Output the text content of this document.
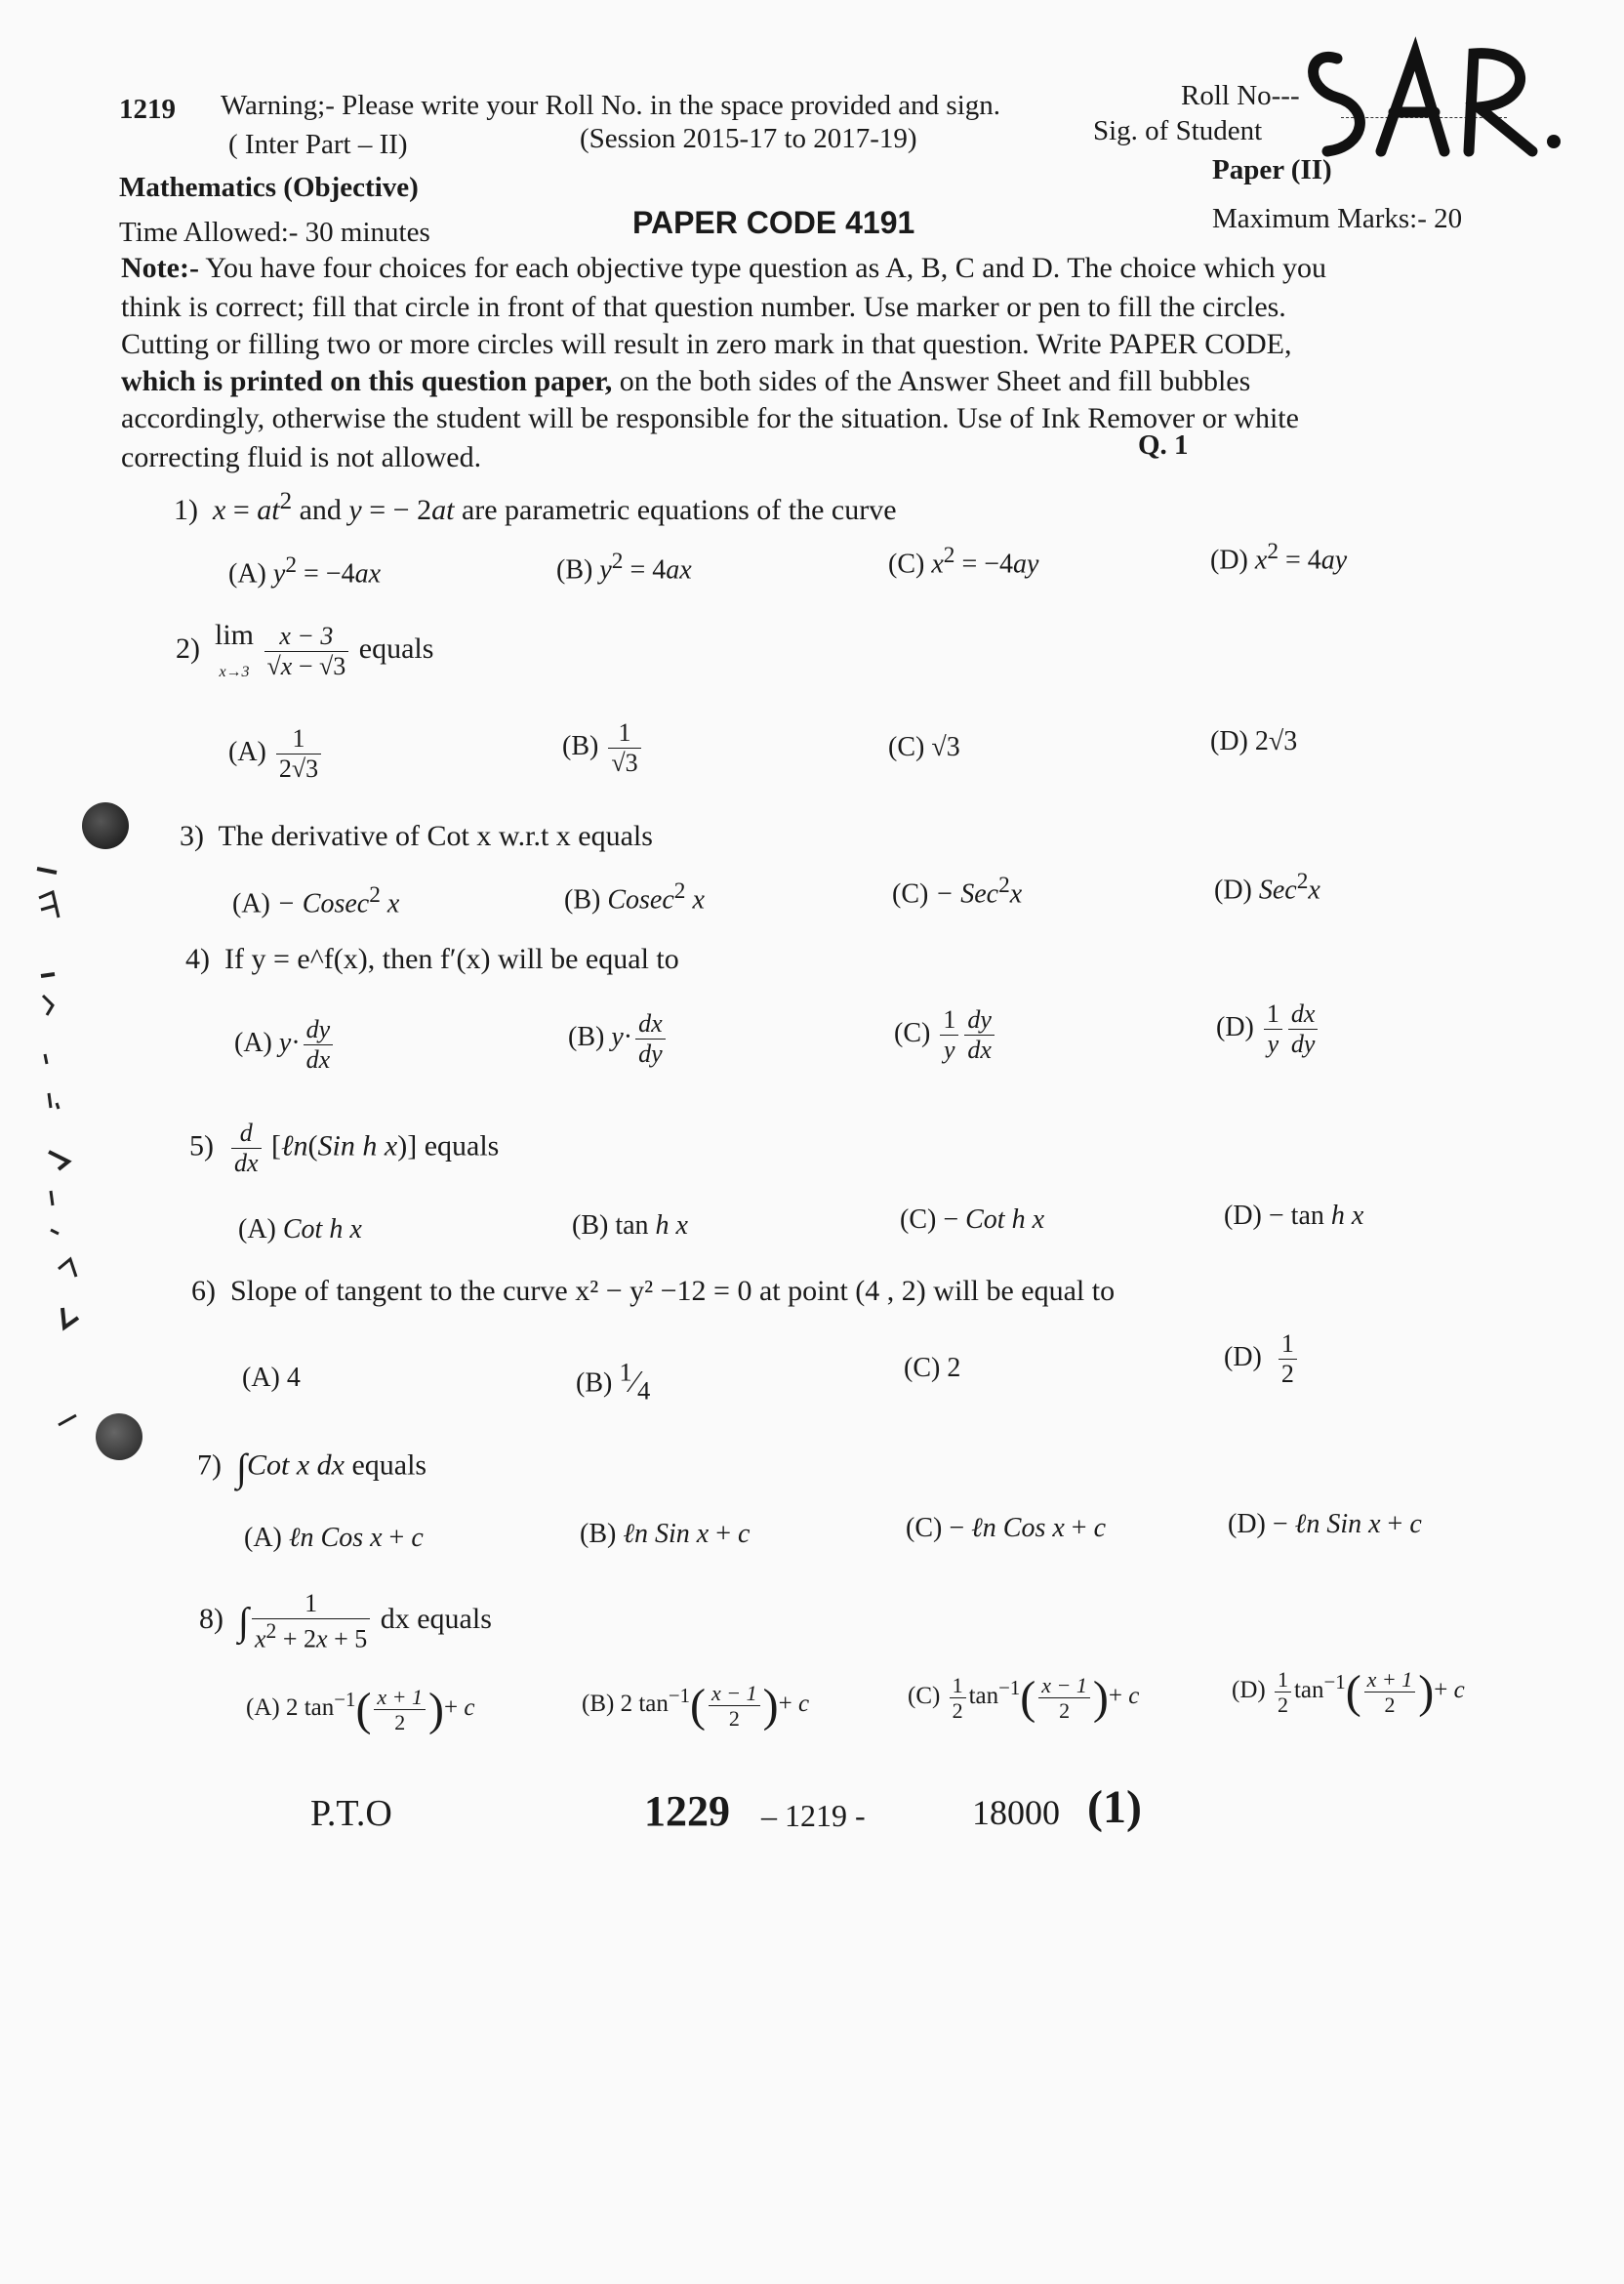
1219 Warning;- Please write your Roll No. in the space provided and sign.	Roll No---
( Inter Part – II)	(Session 2015-17 to 2017-19)	Sig. of Student
Mathematics (Objective)
Paper (II)
Time Allowed:- 30 minutes	PAPER CODE 4191	Maximum Marks:- 20
Note:- You have four choices for each objective type question as A, B, C and D. The choice which you
think is correct; fill that circle in front of that question number. Use marker or pen to fill the circles.
Cutting or filling two or more circles will result in zero mark in that question. Write PAPER CODE,
which is printed on this question paper, on the both sides of the Answer Sheet and fill bubbles
accordingly, otherwise the student will be responsible for the situation. Use of Ink Remover or white
correcting fluid is not allowed.	Q. 1
1) $x = at^2$ and y = − 2at are parametric equations of the curve
(A) $y^2 = -4ax$	(B) $y^2 = 4ax$	(C) $x^2 = -4ay$	(D) $x^2 = 4ay$
2) lim
$x\to 3 \frac{x - 3}{√x - √3}$ equals
$(A) \frac{1}{2√3}$	$(B) \frac{1}{√3}$	(C) √3	(D) 2√3
3) The derivative of Cot x w.r.t x equals
(A) − Cosec$^2$ x	(B) Cosec$^2$ x	(C) − Sec$^2$x	(D) Sec$^2$x
4) If y = e^f(x), then f′(x) will be equal to
(A) $y\cdot \frac{dy}{dx}$	(B) $y\cdot \frac{dx}{dy}$	$(C) \frac{1}{y} \frac{dy}{dx}$	$(D) \frac{1}{y} \frac{dx}{dy}$
$5) \frac{d}{dx}$ [ℓn(Sin h x)] equals
(A) Cot h x	(B) tan h x	(C) − Cot h x	(D) − tan h x
6) Slope of tangent to the curve x² − y² −12 = 0 at point (4 , 2) will be equal to
(A) 4	(B) $^1⁄_4$
(C) 2	$(D) \frac{1}{2}$
7) ∫Cot x dx equals
(A) ℓn Cos x + c	(B) ℓn Sin x + c	(C) − ℓn Cos x + c	(D) − ℓn Sin x + c
8) ∫ $\frac{1}{x^2 + 2x + 5}$ dx equals
(A) 2 $\tan^{-1}( \frac{x + 1}{2}$ )+ c	(B) 2 $\tan^{-1}( \frac{x - 1}{2}$ )+ c	$(C) \frac{1}{2} \tan^{-1}( \frac{x - 1}{2}$ )+ c	$(D) \frac{1}{2} \tan^{-1}( \frac{x + 1}{2}$ )+ c
P.T.O	1229 – 1219 -	18000 (1)
